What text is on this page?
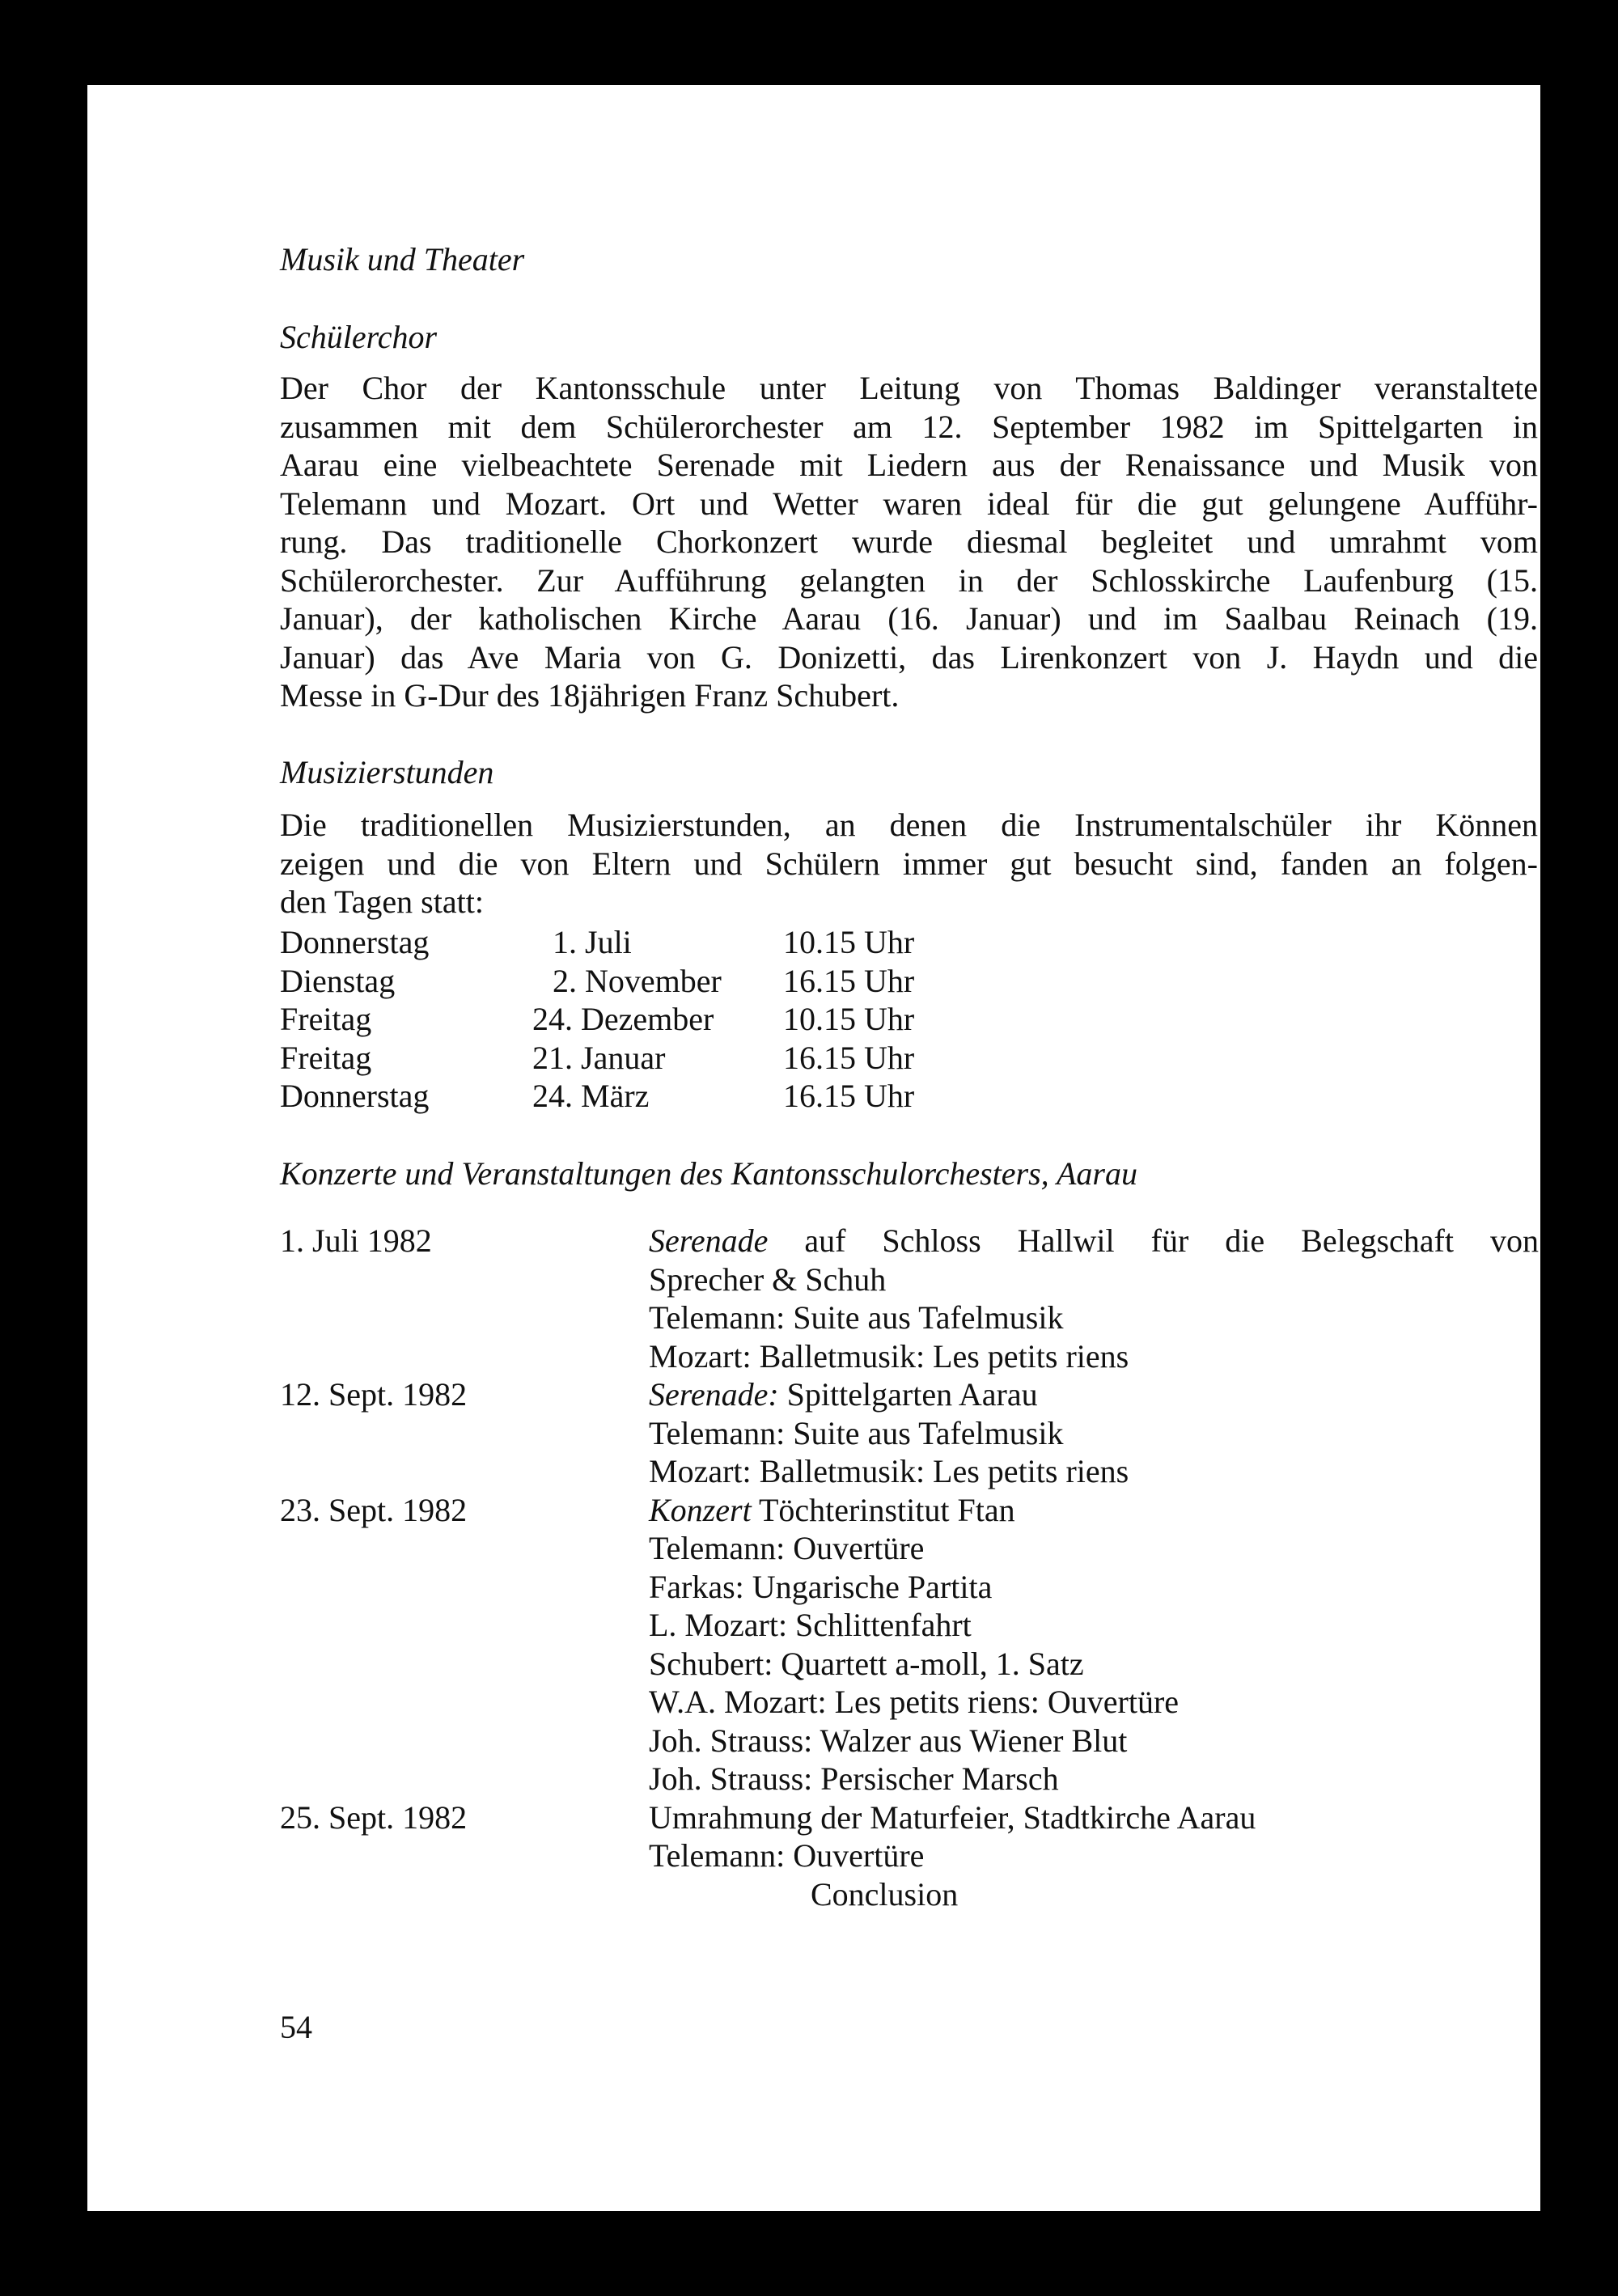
Musik und Theater
Schülerchor
Der Chor der Kantonsschule unter Leitung von Thomas Baldinger veranstaltete
zusammen mit dem Schülerorchester am 12. September 1982 im Spittelgarten in
Aarau eine vielbeachtete Serenade mit Liedern aus der Renaissance und Musik von
Telemann und Mozart. Ort und Wetter waren ideal für die gut gelungene Aufführ-
rung. Das traditionelle Chorkonzert wurde diesmal begleitet und umrahmt vom
Schülerorchester. Zur Aufführung gelangten in der Schlosskirche Laufenburg (15.
Januar), der katholischen Kirche Aarau (16. Januar) und im Saalbau Reinach (19.
Januar) das Ave Maria von G. Donizetti, das Lirenkonzert von J. Haydn und die
Messe in G-Dur des 18jährigen Franz Schubert.
Musizierstunden
Die traditionellen Musizierstunden, an denen die Instrumentalschüler ihr Können
zeigen und die von Eltern und Schülern immer gut besucht sind, fanden an folgen-
den Tagen statt:
Donnerstag	1. Juli	10.15 Uhr
Dienstag	2. November	16.15 Uhr
Freitag	24. Dezember	10.15 Uhr
Freitag	21. Januar	16.15 Uhr
Donnerstag	24. März	16.15 Uhr
Konzerte und Veranstaltungen des Kantonsschulorchesters, Aarau
1. Juli 1982	Serenade auf Schloss Hallwil für die Belegschaft von
Sprecher & Schuh
Telemann: Suite aus Tafelmusik
Mozart: Balletmusik: Les petits riens
12. Sept. 1982	Serenade: Spittelgarten Aarau
Telemann: Suite aus Tafelmusik
Mozart: Balletmusik: Les petits riens
23. Sept. 1982	Konzert Töchterinstitut Ftan
Telemann: Ouvertüre
Farkas: Ungarische Partita
L. Mozart: Schlittenfahrt
Schubert: Quartett a-moll, 1. Satz
W.A. Mozart: Les petits riens: Ouvertüre
Joh. Strauss: Walzer aus Wiener Blut
Joh. Strauss: Persischer Marsch
25. Sept. 1982	Umrahmung der Maturfeier, Stadtkirche Aarau
Telemann: Ouvertüre
Conclusion
54
